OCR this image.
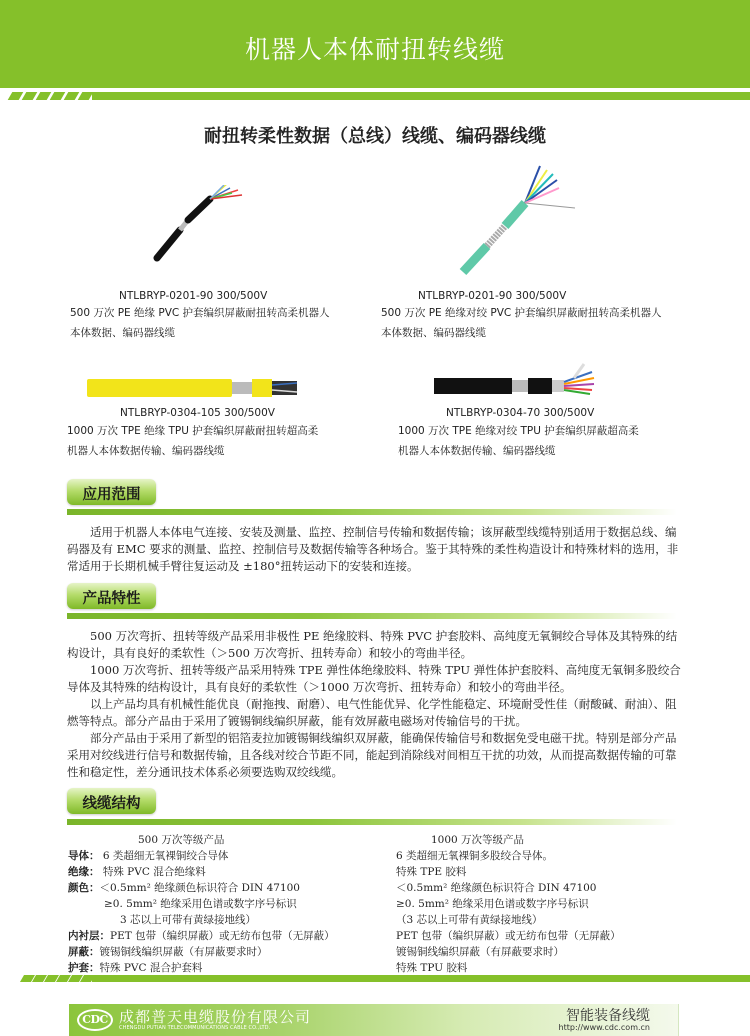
机器人本体耐扭转线缆
耐扭转柔性数据（总线）线缆、编码器线缆
NTLBRYP-0201-90 300/500V
500 万次 PE 绝缘 PVC 护套编织屏蔽耐扭转高柔机器人
本体数据、编码器线缆
NTLBRYP-0201-90 300/500V
500 万次 PE 绝缘对绞 PVC 护套编织屏蔽耐扭转高柔机器人
本体数据、编码器线缆
NTLBRYP-0304-105 300/500V
1000 万次 TPE 绝缘 TPU 护套编织屏蔽耐扭转超高柔
机器人本体数据传输、编码器线缆
NTLBRYP-0304-70 300/500V
1000 万次 TPE 绝缘对绞 TPU 护套编织屏蔽超高柔
机器人本体数据传输、编码器线缆
应用范围

适用于机器人本体电气连接、安装及测量、监控、控制信号传输和数据传输；该屏蔽型线缆特别适用于数据总线、编码器及有 EMC 要求的测量、监控、控制信号及数据传输等各种场合。鉴于其特殊的柔性构造设计和特殊材料的选用，非常适用于长期机械手臂往复运动及 ±180°扭转运动下的安装和连接。

产品特性

500 万次弯折、扭转等级产品采用非极性 PE 绝缘胶料、特殊 PVC 护套胶料、高纯度无氧铜绞合导体及其特殊的结构设计，具有良好的柔软性（＞500 万次弯折、扭转寿命）和较小的弯曲半径。

1000 万次弯折、扭转等级产品采用特殊 TPE 弹性体绝缘胶料、特殊 TPU 弹性体护套胶料、高纯度无氧铜多股绞合导体及其特殊的结构设计，具有良好的柔软性（＞1000 万次弯折、扭转寿命）和较小的弯曲半径。

以上产品均具有机械性能优良（耐拖拽、耐磨）、电气性能优异、化学性能稳定、环境耐受性佳（耐酸碱、耐油）、阻燃等特点。部分产品由于采用了镀锡铜线编织屏蔽，能有效屏蔽电磁场对传输信号的干扰。

部分产品由于采用了新型的铝箔麦拉加镀锡铜线编织双屏蔽，能确保传输信号和数据免受电磁干扰。特别是部分产品采用对绞线进行信号和数据传输，且各线对绞合节距不同，能起到消除线对间相互干扰的功效，从而提高数据传输的可靠性和稳定性，差分通讯技术体系必须要选购双绞线缆。

线缆结构
500 万次等级产品
导体： 6 类超细无氧裸铜绞合导体
绝缘： 特殊 PVC 混合绝缘料
颜色：＜0.5mm² 绝缘颜色标识符合 DIN 47100
≥0. 5mm² 绝缘采用色谱或数字序号标识
3 芯以上可带有黄绿接地线）
内衬层：PET 包带（编织屏蔽）或无纺布包带（无屏蔽）
屏蔽：镀锡铜线编织屏蔽（有屏蔽要求时）
护套：特殊 PVC 混合护套料
1000 万次等级产品
6 类超细无氧裸铜多股绞合导体。
特殊 TPE 胶料
＜0.5mm² 绝缘颜色标识符合 DIN 47100
≥0. 5mm² 绝缘采用色谱或数字序号标识
（3 芯以上可带有黄绿接地线）
PET 包带（编织屏蔽）或无纺布包带（无屏蔽）
镀锡铜线编织屏蔽（有屏蔽要求时）
特殊 TPU 胶料
CDC 成都普天电缆股份有限公司
CHENGDU PUTIAN TELECOMMUNICATIONS CABLE CO.,LTD.
智能装备线缆
http://www.cdc.com.cn
